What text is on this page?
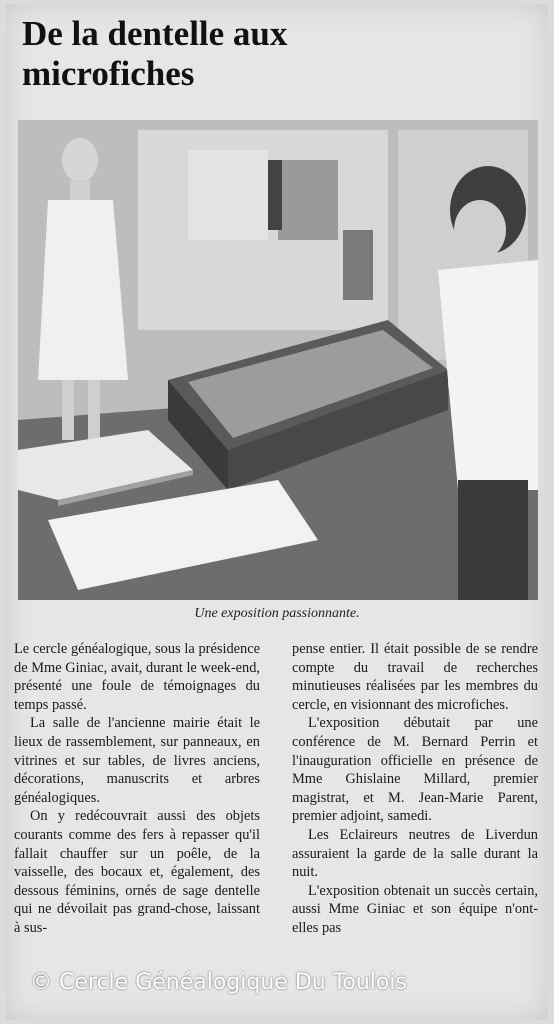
De la dentelle aux microfiches
Une exposition passionnante.

Le cercle généalogique, sous la présidence de Mme Giniac, avait, durant le week-end, présenté une foule de témoignages du temps passé.

La salle de l'ancienne mairie était le lieux de rassemblement, sur panneaux, en vitrines et sur tables, de livres anciens, décorations, manuscrits et arbres généalogiques.

On y redécouvrait aussi des objets courants comme des fers à repasser qu'il fallait chauffer sur un poêle, de la vaisselle, des bocaux et, également, des dessous féminins, ornés de sage dentelle qui ne dévoilait pas grand-chose, laissant à sus-

pense entier. Il était possible de se rendre compte du travail de recherches minutieuses réalisées par les membres du cercle, en visionnant des microfiches.

L'exposition débutait par une conférence de M. Bernard Perrin et l'inauguration officielle en présence de Mme Ghislaine Millard, premier magistrat, et M. Jean-Marie Parent, premier adjoint, samedi.

Les Eclaireurs neutres de Liverdun assuraient la garde de la salle durant la nuit.

L'exposition obtenait un succès certain, aussi Mme Giniac et son équipe n'ont-elles pas

© Cercle Généalogique Du Toulois
